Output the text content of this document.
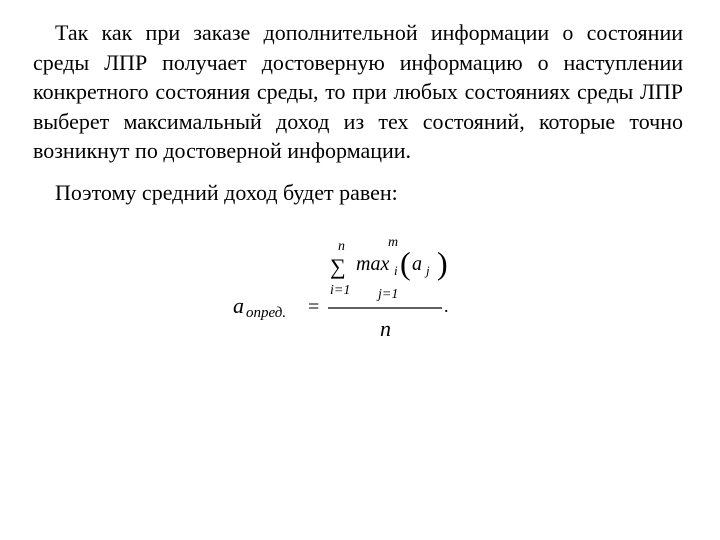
Так как при заказе дополнительной информации о состоянии среды ЛПР получает достоверную информацию о наступлении конкретного состояния среды, то при любых состояниях среды ЛПР выберет максимальный доход из тех состояний, которые точно возникнут по достоверной информации.

Поэтому средний доход будет равен:

a опред. =
n
∑
i=1
m
max i ( a j )
j=1
.
n
